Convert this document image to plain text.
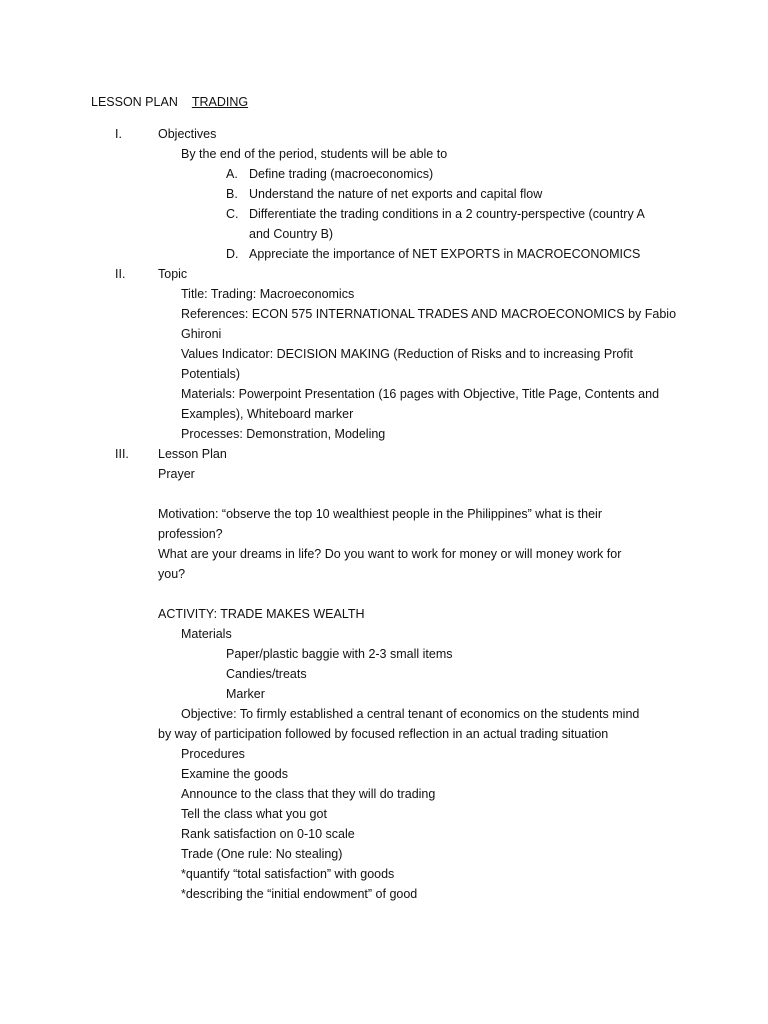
LESSON PLAN TRADING
I.	Objectives
By the end of the period, students will be able to
A. Define trading (macroeconomics)
B. Understand the nature of net exports and capital flow
C. Differentiate the trading conditions in a 2 country-perspective (country A
and Country B)
D. Appreciate the importance of NET EXPORTS in MACROECONOMICS
II.	Topic
Title: Trading: Macroeconomics
References: ECON 575 INTERNATIONAL TRADES AND MACROECONOMICS by Fabio
Ghironi
Values Indicator: DECISION MAKING (Reduction of Risks and to increasing Profit
Potentials)
Materials: Powerpoint Presentation (16 pages with Objective, Title Page, Contents and
Examples), Whiteboard marker
Processes: Demonstration, Modeling
III. Lesson Plan
Prayer
Motivation: “observe the top 10 wealthiest people in the Philippines” what is their
profession?
What are your dreams in life? Do you want to work for money or will money work for
you?
ACTIVITY: TRADE MAKES WEALTH
Materials
Paper/plastic baggie with 2-3 small items
Candies/treats
Marker
Objective: To firmly established a central tenant of economics on the students mind
by way of participation followed by focused reflection in an actual trading situation
Procedures
Examine the goods
Announce to the class that they will do trading
Tell the class what you got
Rank satisfaction on 0-10 scale
Trade (One rule: No stealing)
*quantify “total satisfaction” with goods
*describing the “initial endowment” of good
